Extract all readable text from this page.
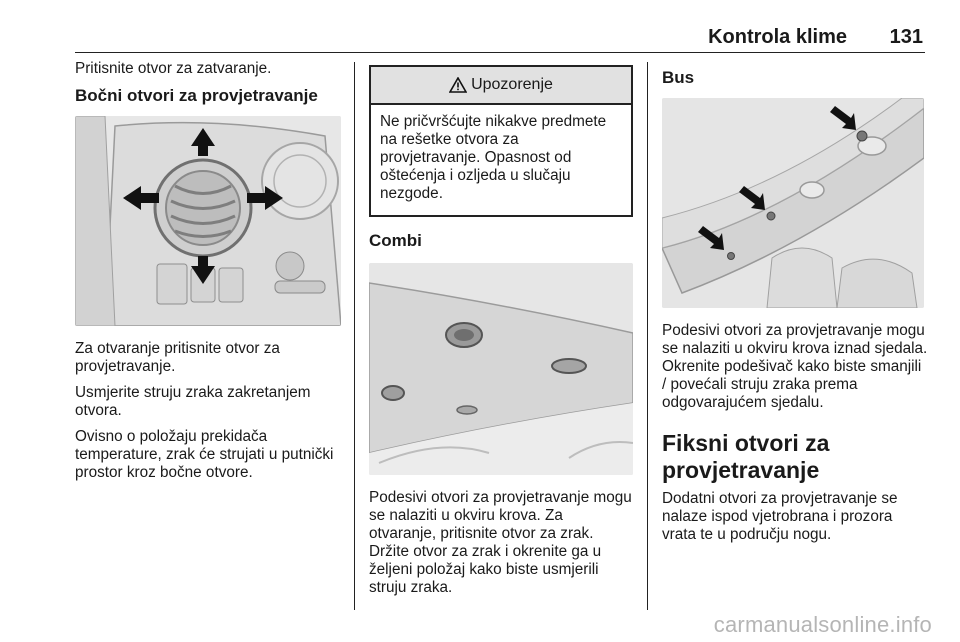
Kontrola klime 131

Pritisnite otvor za zatvaranje.

Bočni otvori za provjetravanje

Za otvaranje pritisnite otvor za provjetravanje.

Usmjerite struju zraka zakretanjem otvora.

Ovisno o položaju prekidača temperature, zrak će strujati u putnički prostor kroz bočne otvore.

Upozorenje

Ne pričvršćujte nikakve predmete na rešetke otvora za provjetravanje. Opasnost od oštećenja i ozljeda u slučaju nezgode.

Combi

Podesivi otvori za provjetravanje mogu se nalaziti u okviru krova. Za otvaranje, pritisnite otvor za zrak. Držite otvor za zrak i okrenite ga u željeni položaj kako biste usmjerili struju zraka.

Bus

Podesivi otvori za provjetravanje mogu se nalaziti u okviru krova iznad sjedala. Okrenite podešivač kako biste smanjili / povećali struju zraka prema odgovarajućem sjedalu.

Fiksni otvori za provjetravanje

Dodatni otvori za provjetravanje se nalaze ispod vjetrobrana i prozora vrata te u području nogu.

carmanualsonline.info
